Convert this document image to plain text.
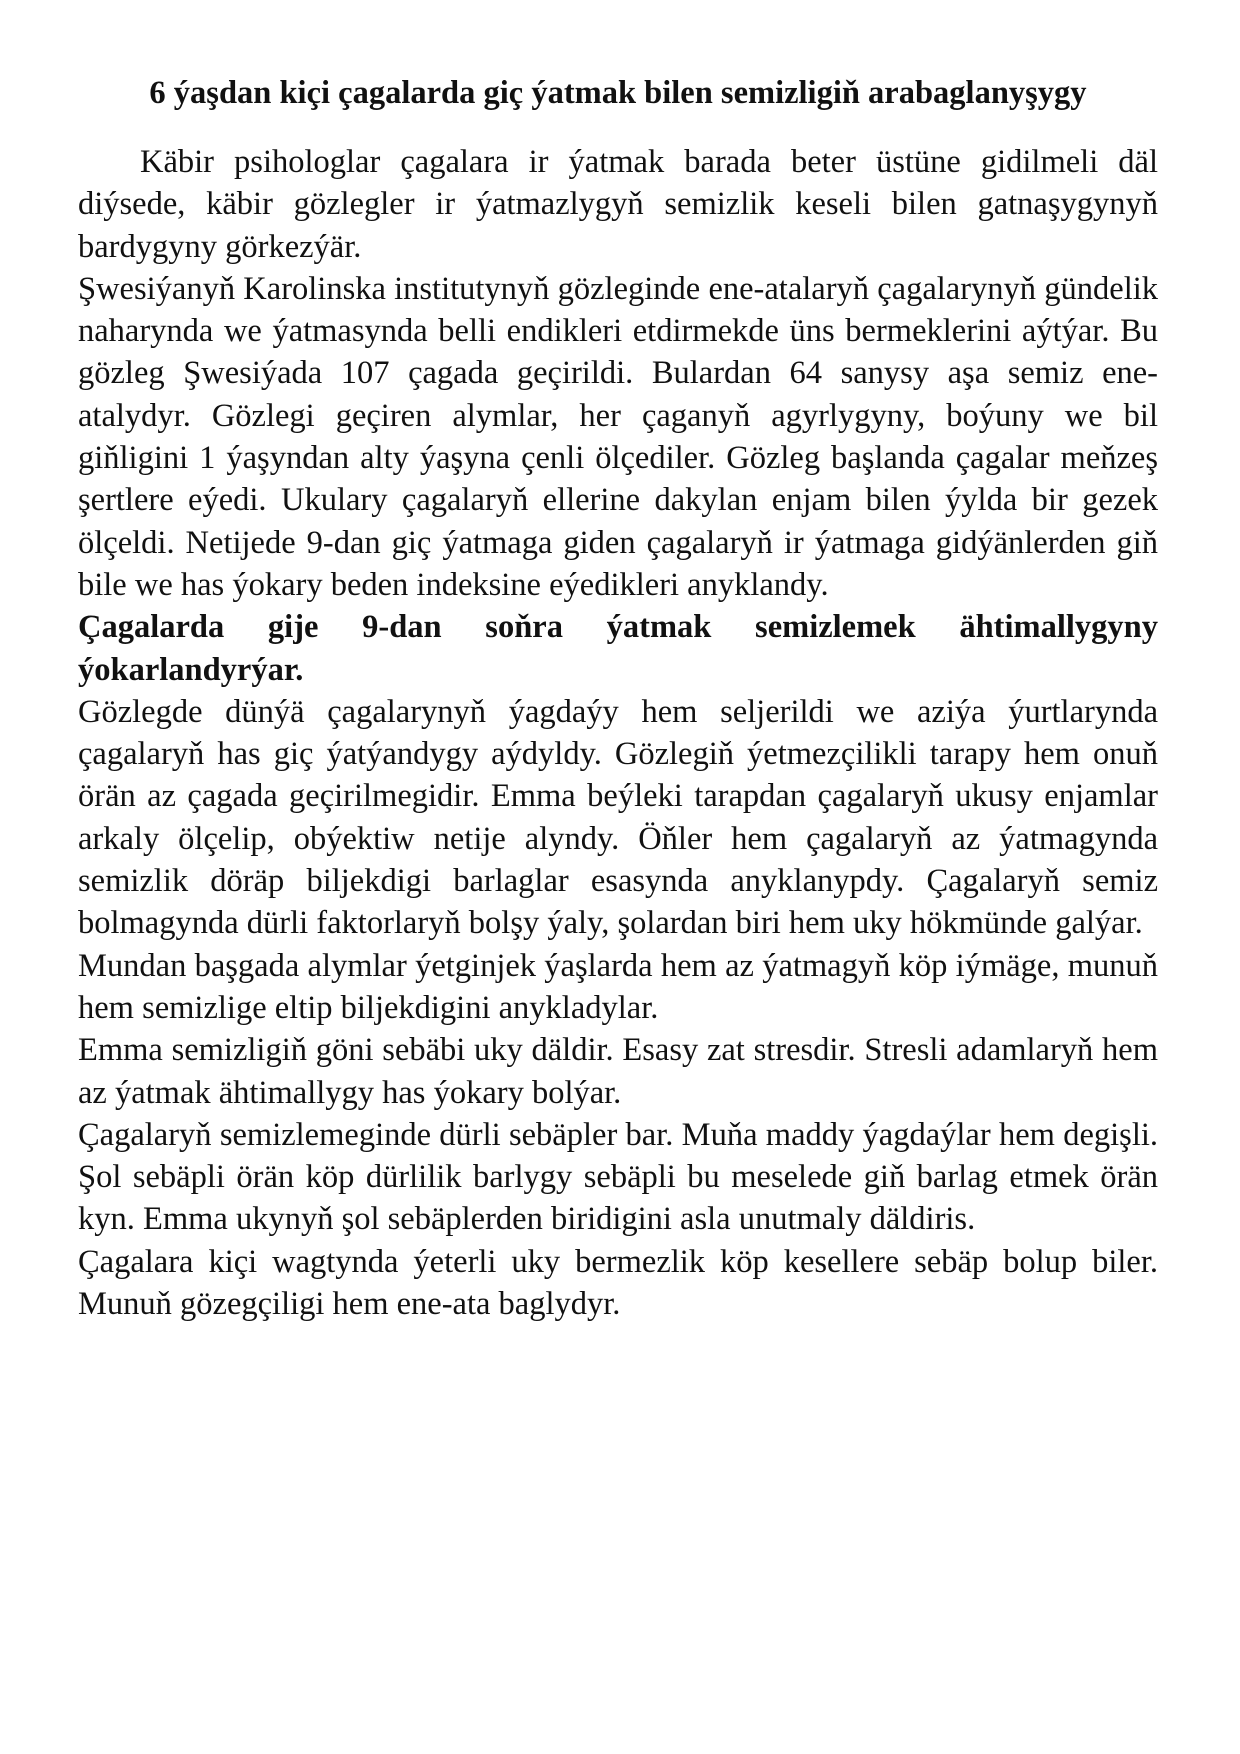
6 ýaşdan kiçi çagalarda giç ýatmak bilen semizligiň arabaglanyşygy

Käbir psihologlar çagalara ir ýatmak barada beter üstüne gidilmeli däl diýsede, käbir gözlegler ir ýatmazlygyň semizlik keseli bilen gatnaşygynyň bardygyny görkezýär.

Şwesiýanyň Karolinska institutynyň gözleginde ene-atalaryň çagalarynyň gündelik naharynda we ýatmasynda belli endikleri etdirmekde üns bermeklerini aýtýar. Bu gözleg Şwesiýada 107 çagada geçirildi. Bulardan 64 sanysy aşa semiz ene-atalydyr. Gözlegi geçiren alymlar, her çaganyň agyrlygyny, boýuny we bil giňligini 1 ýaşyndan alty ýaşyna çenli ölçediler. Gözleg başlanda çagalar meňzeş şertlere eýedi. Ukulary çagalaryň ellerine dakylan enjam bilen ýylda bir gezek ölçeldi. Netijede 9-dan giç ýatmaga giden çagalaryň ir ýatmaga gidýänlerden giň bile we has ýokary beden indeksine eýedikleri anyklandy.

Çagalarda gije 9-dan soňra ýatmak semizlemek ähtimallygyny ýokarlandyrýar.

Gözlegde dünýä çagalarynyň ýagdaýy hem seljerildi we aziýa ýurtlarynda çagalaryň has giç ýatýandygy aýdyldy. Gözlegiň ýetmezçilikli tarapy hem onuň örän az çagada geçirilmegidir. Emma beýleki tarapdan çagalaryň ukusy enjamlar arkaly ölçelip, obýektiw netije alyndy. Öňler hem çagalaryň az ýatmagynda semizlik döräp biljekdigi barlaglar esasynda anyklanypdy. Çagalaryň semiz bolmagynda dürli faktorlaryň bolşy ýaly, şolardan biri hem uky hökmünde galýar.

Mundan başgada alymlar ýetginjek ýaşlarda hem az ýatmagyň köp iýmäge, munuň hem semizlige eltip biljekdigini anykladylar.

Emma semizligiň göni sebäbi uky däldir. Esasy zat stresdir. Stresli adamlaryň hem az ýatmak ähtimallygy has ýokary bolýar.

Çagalaryň semizlemeginde dürli sebäpler bar. Muňa maddy ýagdaýlar hem degişli. Şol sebäpli örän köp dürlilik barlygy sebäpli bu meselede giň barlag etmek örän kyn. Emma ukynyň şol sebäplerden biridigini asla unutmaly däldiris.

Çagalara kiçi wagtynda ýeterli uky bermezlik köp kesellere sebäp bolup biler. Munuň gözegçiligi hem ene-ata baglydyr.
